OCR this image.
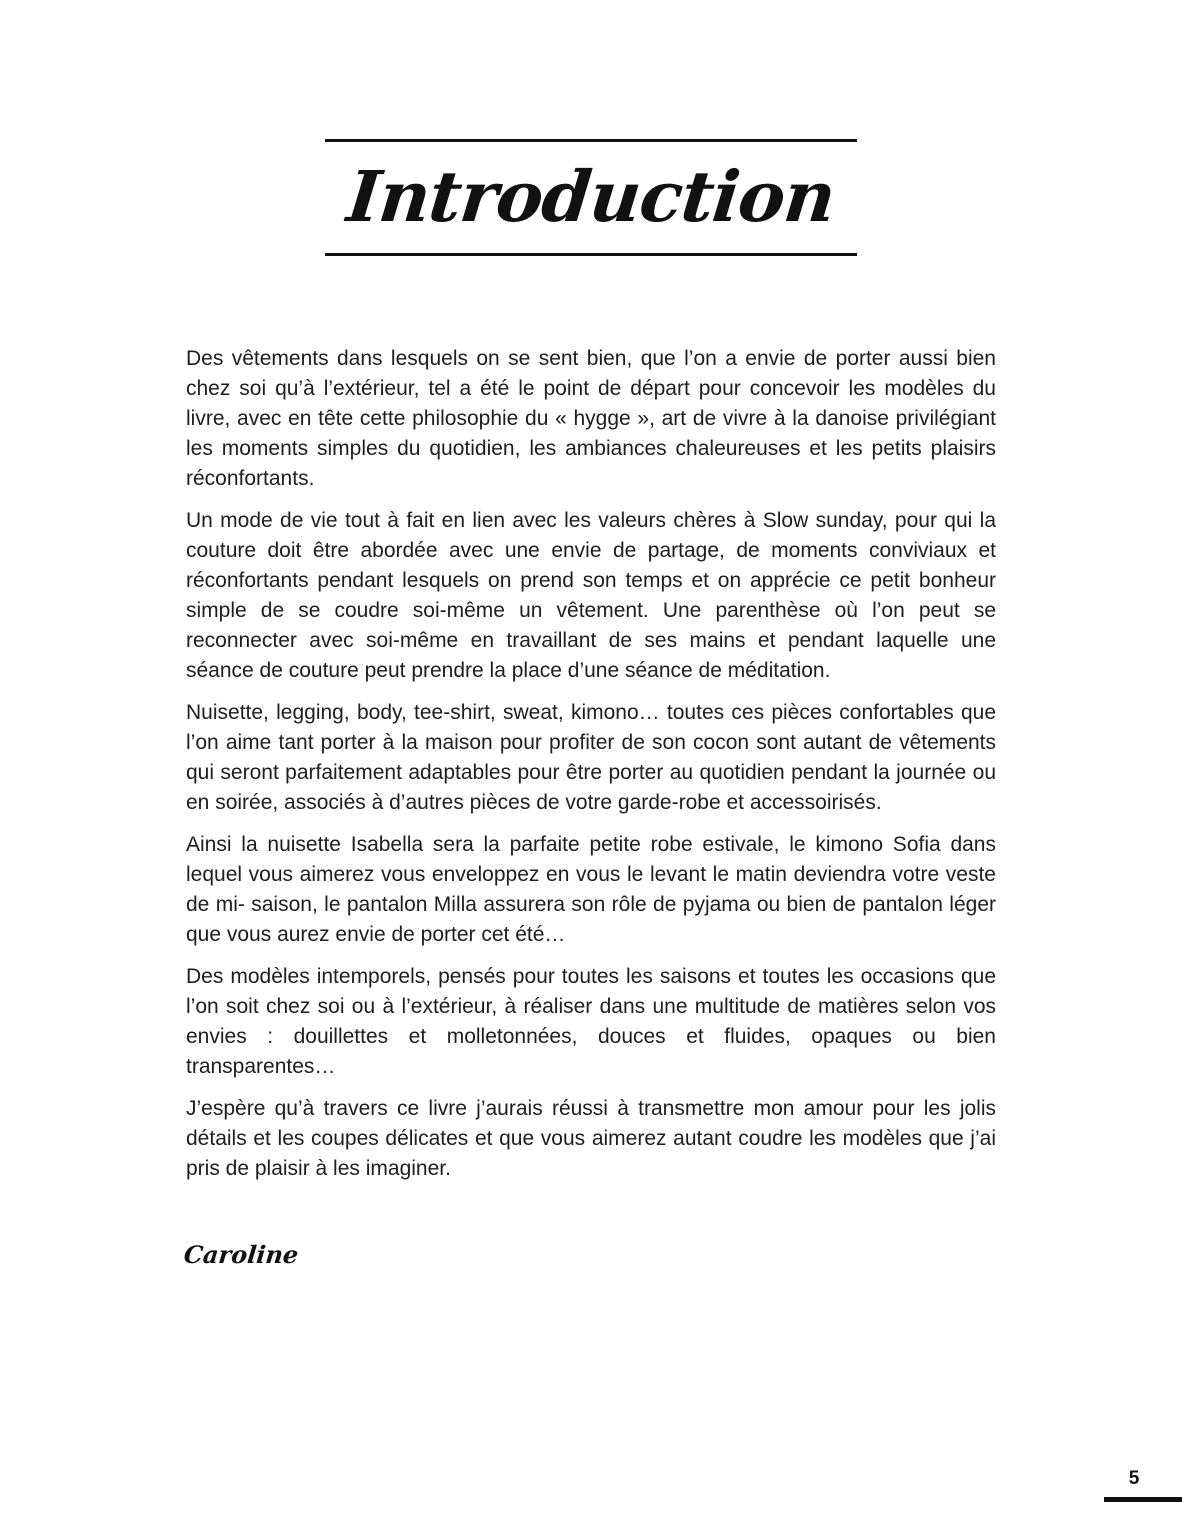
Introduction

Des vêtements dans lesquels on se sent bien, que l’on a envie de porter aussi bien chez soi qu’à l’extérieur, tel a été le point de départ pour concevoir les modèles du livre, avec en tête cette philosophie du « hygge », art de vivre à la danoise privilégiant les moments simples du quotidien, les ambiances chaleureuses et les petits plaisirs réconfortants.

Un mode de vie tout à fait en lien avec les valeurs chères à Slow sunday, pour qui la couture doit être abordée avec une envie de partage, de moments conviviaux et réconfortants pendant lesquels on prend son temps et on apprécie ce petit bonheur simple de se coudre soi-même un vêtement. Une parenthèse où l’on peut se reconnecter avec soi-même en travaillant de ses mains et pendant laquelle une séance de couture peut prendre la place d’une séance de méditation.

Nuisette, legging, body, tee-shirt, sweat, kimono… toutes ces pièces confortables que l’on aime tant porter à la maison pour profiter de son cocon sont autant de vêtements qui seront parfaitement adaptables pour être porter au quotidien pendant la journée ou en soirée, associés à d’autres pièces de votre garde-robe et accessoirisés.

Ainsi la nuisette Isabella sera la parfaite petite robe estivale, le kimono Sofia dans lequel vous aimerez vous enveloppez en vous le levant le matin deviendra votre veste de mi- saison, le pantalon Milla assurera son rôle de pyjama ou bien de pantalon léger que vous aurez envie de porter cet été…

Des modèles intemporels, pensés pour toutes les saisons et toutes les occasions que l’on soit chez soi ou à l’extérieur, à réaliser dans une multitude de matières selon vos envies : douillettes et molletonnées, douces et fluides, opaques ou bien transparentes…

J’espère qu’à travers ce livre j’aurais réussi à transmettre mon amour pour les jolis détails et les coupes délicates et que vous aimerez autant coudre les modèles que j’ai pris de plaisir à les imaginer.

Caroline
5
